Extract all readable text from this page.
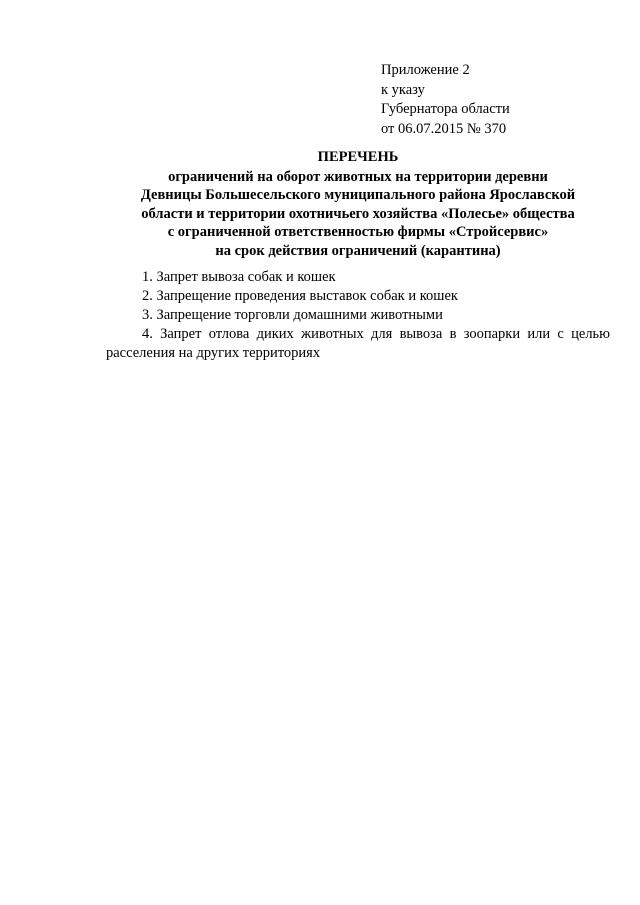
Приложение 2
к указу
Губернатора области
от 06.07.2015 № 370
ПЕРЕЧЕНЬ
ограничений на оборот животных на территории деревни
Девницы Большесельского муниципального района Ярославской
области и территории охотничьего хозяйства «Полесье» общества
с ограниченной ответственностью фирмы «Стройсервис»
на срок действия ограничений (карантина)
1. Запрет вывоза собак и кошек
2. Запрещение проведения выставок собак и кошек
3. Запрещение торговли домашними животными
4. Запрет отлова диких животных для вывоза в зоопарки или с целью
расселения на других территориях
